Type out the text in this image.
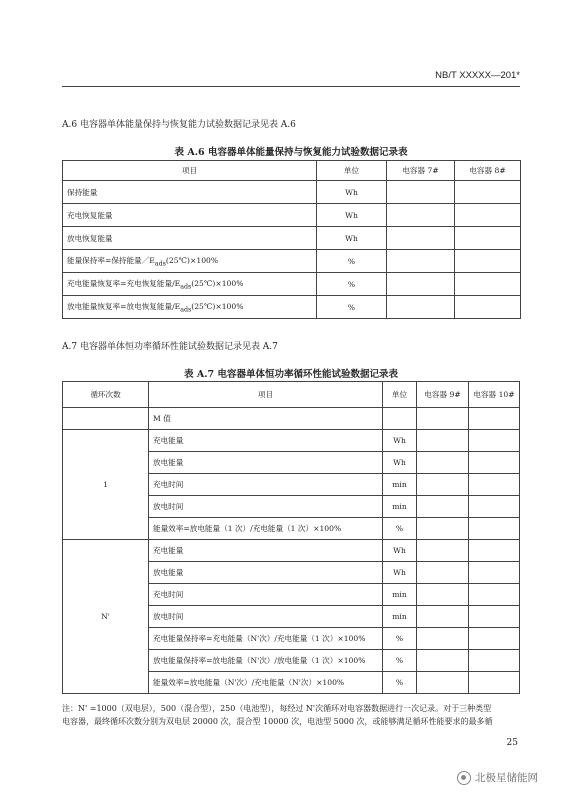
NB/T XXXXX—201*
A.6 电容器单体能量保持与恢复能力试验数据记录见表 A.6
表 A.6 电容器单体能量保持与恢复能力试验数据记录表
项目	单位	电容器 7#	电容器 8#
保持能量	Wh		
充电恢复能量	Wh		
放电恢复能量	Wh		
能量保持率=保持能量$/E_{ads}(25℃)\times 100\%$	%		
充电能量恢复率=充电恢复能量$/E_{ads}(25℃)\times 100\%$	%		
放电能量恢复率=放电恢复能量$/E_{ads}(25℃)\times 100\%$	%		
A.7 电容器单体恒功率循环性能试验数据记录见表 A.7
表 A.7 电容器单体恒功率循环性能试验数据记录表
循环次数	项目	单位	电容器 9#	电容器 10#
	M 值			
1	充电能量	Wh		
	放电能量	Wh		
	充电时间	min		
	放电时间	min		
	能量效率=放电能量（1 次）/充电能量（1 次）×100%	%		
N'	充电能量	Wh		
	放电能量	Wh		
	充电时间	min		
	放电时间	min		
	充电能量保持率=充电能量（N'次）/充电能量（1 次）×100%	%		
	放电能量保持率=放电能量（N'次）/放电能量（1 次）×100%	%		
	能量效率=放电能量（N'次）/充电能量（N'次）×100%	%		
注：N' =1000（双电层），500（混合型），250（电池型），每经过 N'次循环对电容器数据进行一次记录。对于三种类型
电容器，最终循环次数分别为双电层 20000 次，混合型 10000 次，电池型 5000 次，或能够满足循环性能要求的最多循
25
北极星储能网
